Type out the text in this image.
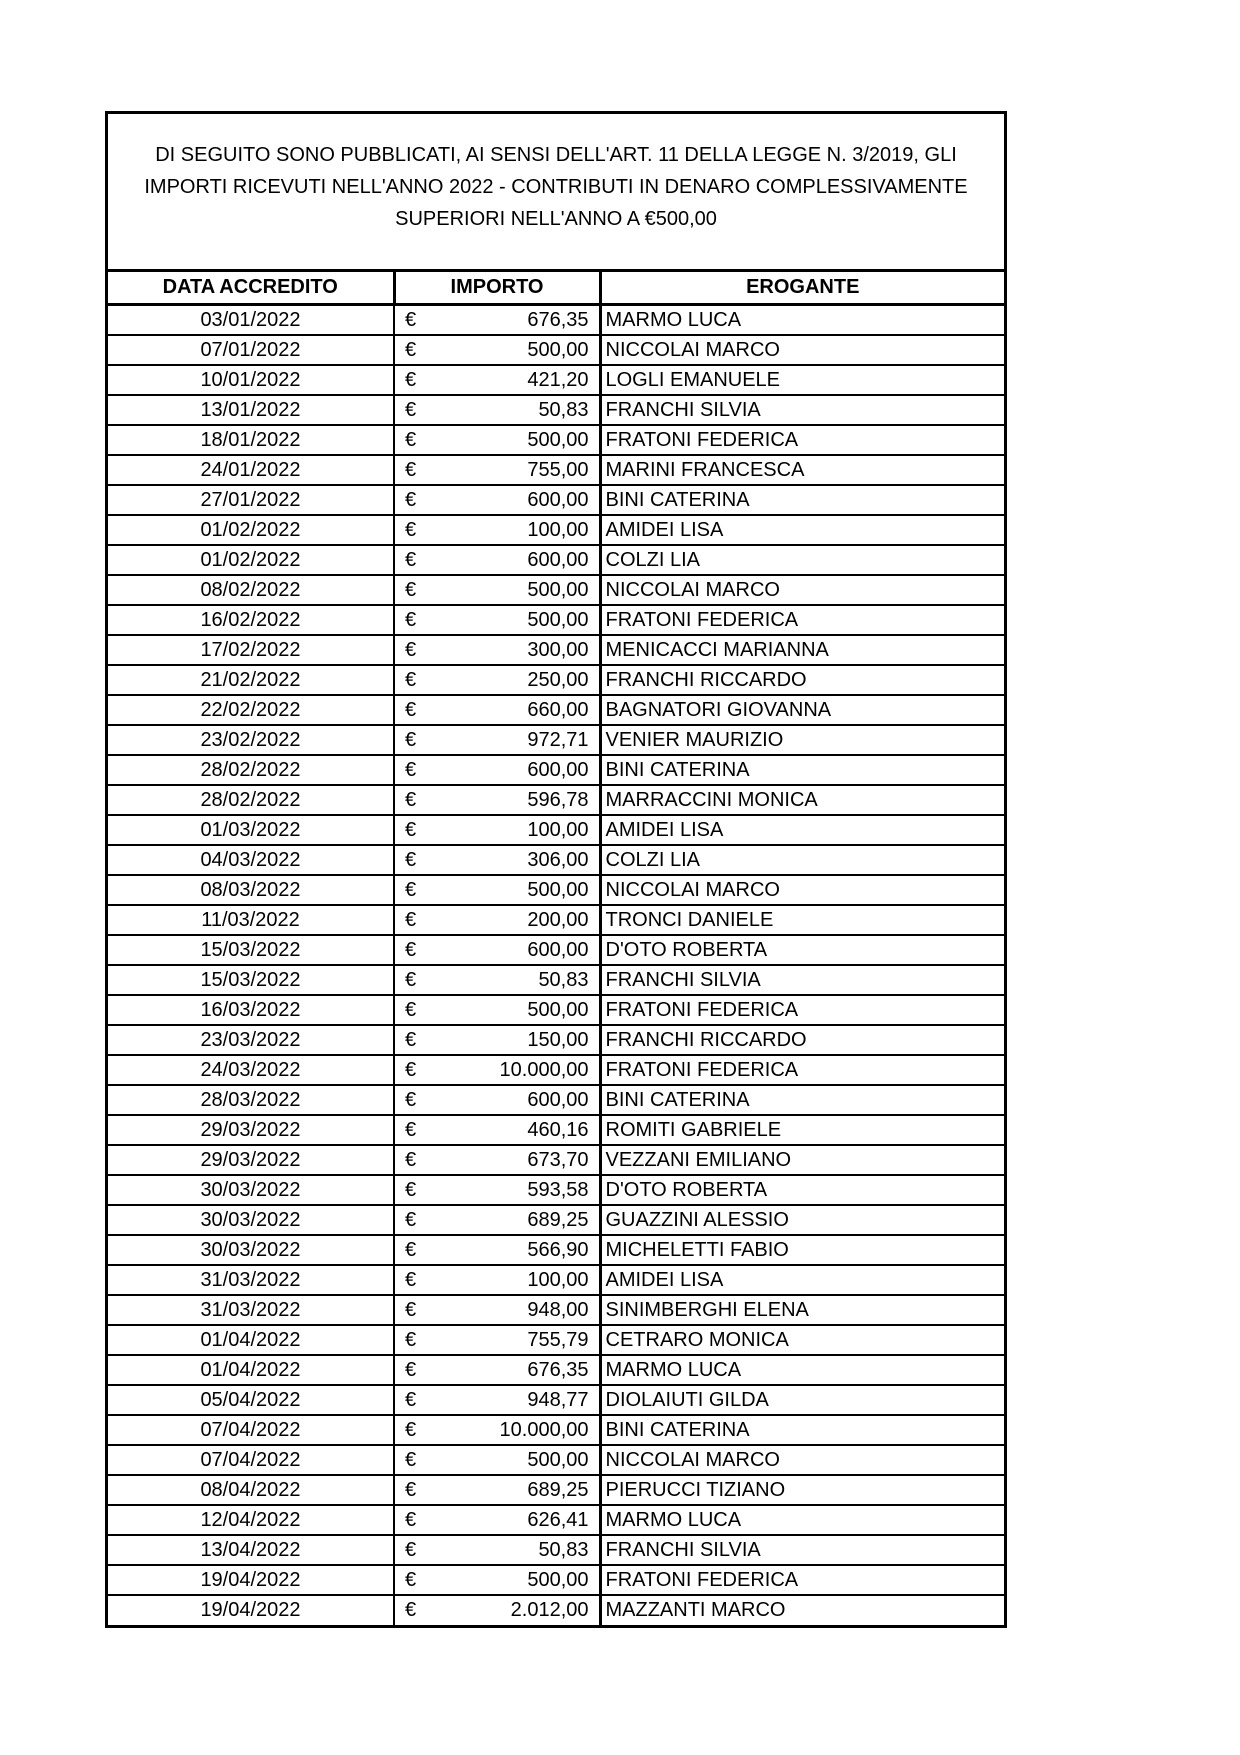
DI SEGUITO SONO PUBBLICATI, AI SENSI DELL'ART. 11 DELLA LEGGE N. 3/2019, GLI
IMPORTI RICEVUTI NELL'ANNO 2022 - CONTRIBUTI IN DENARO COMPLESSIVAMENTE
SUPERIORI NELL'ANNO A €500,00
DATA ACCREDITO	IMPORTO	EROGANTE
03/01/2022	€ 676,35	MARMO LUCA
07/01/2022	€ 500,00	NICCOLAI MARCO
10/01/2022	€ 421,20	LOGLI EMANUELE
13/01/2022	€ 50,83	FRANCHI SILVIA
18/01/2022	€ 500,00	FRATONI FEDERICA
24/01/2022	€ 755,00	MARINI FRANCESCA
27/01/2022	€ 600,00	BINI CATERINA
01/02/2022	€ 100,00	AMIDEI LISA
01/02/2022	€ 600,00	COLZI LIA
08/02/2022	€ 500,00	NICCOLAI MARCO
16/02/2022	€ 500,00	FRATONI FEDERICA
17/02/2022	€ 300,00	MENICACCI MARIANNA
21/02/2022	€ 250,00	FRANCHI RICCARDO
22/02/2022	€ 660,00	BAGNATORI GIOVANNA
23/02/2022	€ 972,71	VENIER MAURIZIO
28/02/2022	€ 600,00	BINI CATERINA
28/02/2022	€ 596,78	MARRACCINI MONICA
01/03/2022	€ 100,00	AMIDEI LISA
04/03/2022	€ 306,00	COLZI LIA
08/03/2022	€ 500,00	NICCOLAI MARCO
11/03/2022	€ 200,00	TRONCI DANIELE
15/03/2022	€ 600,00	D'OTO ROBERTA
15/03/2022	€ 50,83	FRANCHI SILVIA
16/03/2022	€ 500,00	FRATONI FEDERICA
23/03/2022	€ 150,00	FRANCHI RICCARDO
24/03/2022	€ 10.000,00	FRATONI FEDERICA
28/03/2022	€ 600,00	BINI CATERINA
29/03/2022	€ 460,16	ROMITI GABRIELE
29/03/2022	€ 673,70	VEZZANI EMILIANO
30/03/2022	€ 593,58	D'OTO ROBERTA
30/03/2022	€ 689,25	GUAZZINI ALESSIO
30/03/2022	€ 566,90	MICHELETTI FABIO
31/03/2022	€ 100,00	AMIDEI LISA
31/03/2022	€ 948,00	SINIMBERGHI ELENA
01/04/2022	€ 755,79	CETRARO MONICA
01/04/2022	€ 676,35	MARMO LUCA
05/04/2022	€ 948,77	DIOLAIUTI GILDA
07/04/2022	€ 10.000,00	BINI CATERINA
07/04/2022	€ 500,00	NICCOLAI MARCO
08/04/2022	€ 689,25	PIERUCCI TIZIANO
12/04/2022	€ 626,41	MARMO LUCA
13/04/2022	€ 50,83	FRANCHI SILVIA
19/04/2022	€ 500,00	FRATONI FEDERICA
19/04/2022	€ 2.012,00	MAZZANTI MARCO
